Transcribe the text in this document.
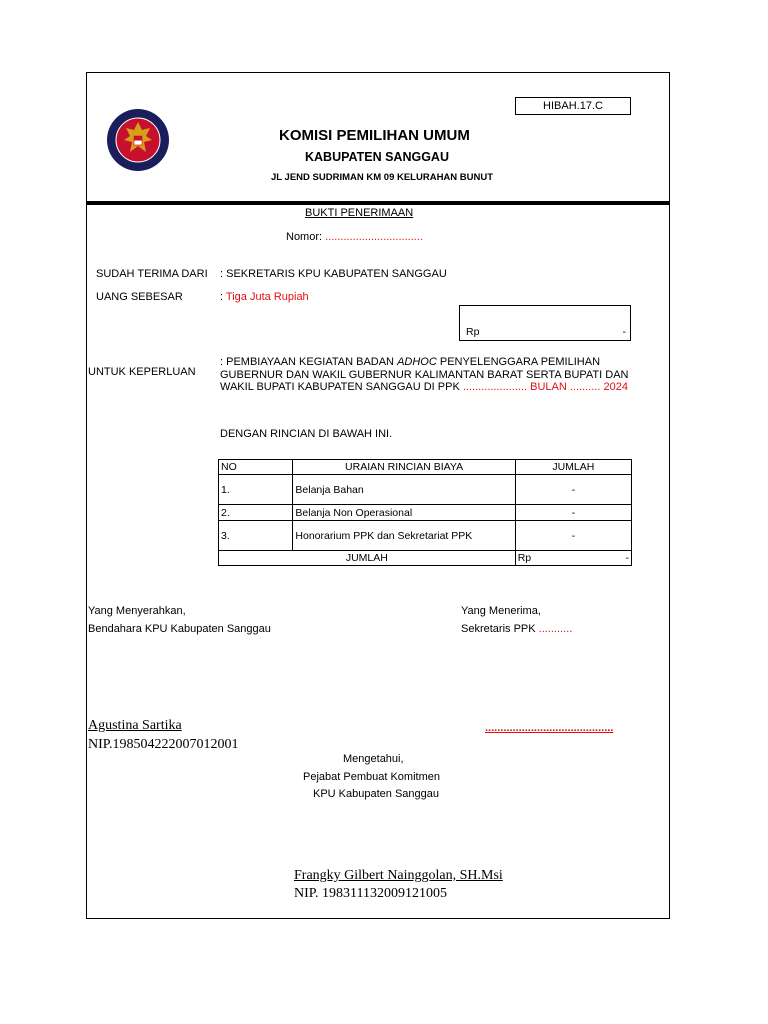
HIBAH.17.C
KOMISI PEMILIHAN UMUM
KABUPATEN SANGGAU
JL JEND SUDRIMAN KM 09 KELURAHAN BUNUT
BUKTI PENERIMAAN
Nomor: ................................
SUDAH TERIMA DARI : SEKRETARIS KPU KABUPATEN SANGGAU
UANG SEBESAR	: Tiga Juta Rupiah
Rp	-
UNTUK KEPERLUAN
: PEMBIAYAAN KEGIATAN BADAN ADHOC PENYELENGGARA PEMILIHAN
GUBERNUR DAN WAKIL GUBERNUR KALIMANTAN BARAT SERTA BUPATI DAN
WAKIL BUPATI KABUPATEN SANGGAU DI PPK ..................... BULAN .......... 2024
DENGAN RINCIAN DI BAWAH INI.
NO	URAIAN RINCIAN BIAYA	JUMLAH
1.	Belanja Bahan	-
2.	Belanja Non Operasional	-
3.	Honorarium PPK dan Sekretariat PPK	-
JUMLAH		Rp -
Yang Menyerahkan,
Bendahara KPU Kabupaten Sanggau
Yang Menerima,
Sekretaris PPK ...........
Agustina Sartika
NIP.198504222007012001
..........................................
Mengetahui,
Pejabat Pembuat Komitmen
KPU Kabupaten Sanggau
Frangky Gilbert Nainggolan, SH.Msi
NIP. 198311132009121005
